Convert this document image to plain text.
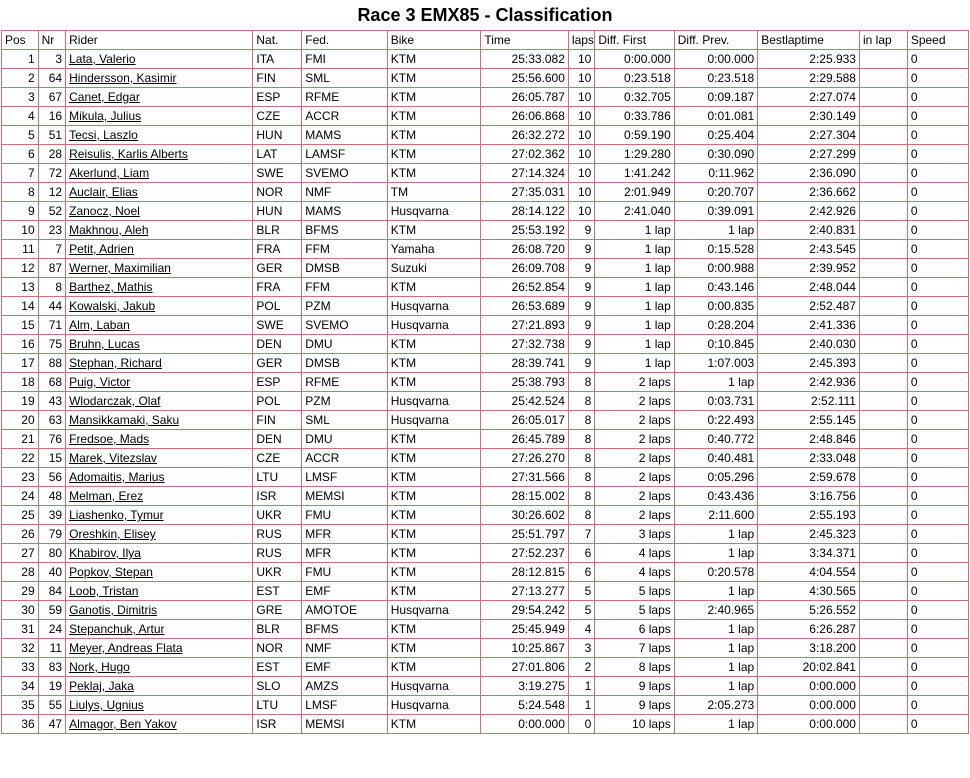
Race 3 EMX85 - Classification
Pos	Nr	Rider	Nat.	Fed.	Bike	Time	laps	Diff. First	Diff. Prev.	Bestlaptime	in lap	Speed
1	3	Lata, Valerio	ITA	FMI	KTM	25:33.082	10	0:00.000	0:00.000	2:25.933		0
2	64	Hindersson, Kasimir	FIN	SML	KTM	25:56.600	10	0:23.518	0:23.518	2:29.588		0
3	67	Canet, Edgar	ESP	RFME	KTM	26:05.787	10	0:32.705	0:09.187	2:27.074		0
4	16	Mikula, Julius	CZE	ACCR	KTM	26:06.868	10	0:33.786	0:01.081	2:30.149		0
5	51	Tecsi, Laszlo	HUN	MAMS	KTM	26:32.272	10	0:59.190	0:25.404	2:27.304		0
6	28	Reisulis, Karlis Alberts	LAT	LAMSF	KTM	27:02.362	10	1:29.280	0:30.090	2:27.299		0
7	72	Akerlund, Liam	SWE	SVEMO	KTM	27:14.324	10	1:41.242	0:11.962	2:36.090		0
8	12	Auclair, Elias	NOR	NMF	TM	27:35.031	10	2:01.949	0:20.707	2:36.662		0
9	52	Zanocz, Noel	HUN	MAMS	Husqvarna	28:14.122	10	2:41.040	0:39.091	2:42.926		0
10	23	Makhnou, Aleh	BLR	BFMS	KTM	25:53.192	9	1 lap	1 lap	2:40.831		0
11	7	Petit, Adrien	FRA	FFM	Yamaha	26:08.720	9	1 lap	0:15.528	2:43.545		0
12	87	Werner, Maximilian	GER	DMSB	Suzuki	26:09.708	9	1 lap	0:00.988	2:39.952		0
13	8	Barthez, Mathis	FRA	FFM	KTM	26:52.854	9	1 lap	0:43.146	2:48.044		0
14	44	Kowalski, Jakub	POL	PZM	Husqvarna	26:53.689	9	1 lap	0:00.835	2:52.487		0
15	71	Alm, Laban	SWE	SVEMO	Husqvarna	27:21.893	9	1 lap	0:28.204	2:41.336		0
16	75	Bruhn, Lucas	DEN	DMU	KTM	27:32.738	9	1 lap	0:10.845	2:40.030		0
17	88	Stephan, Richard	GER	DMSB	KTM	28:39.741	9	1 lap	1:07.003	2:45.393		0
18	68	Puig, Victor	ESP	RFME	KTM	25:38.793	8	2 laps	1 lap	2:42.936		0
19	43	Wlodarczak, Olaf	POL	PZM	Husqvarna	25:42.524	8	2 laps	0:03.731	2:52.111		0
20	63	Mansikkamaki, Saku	FIN	SML	Husqvarna	26:05.017	8	2 laps	0:22.493	2:55.145		0
21	76	Fredsoe, Mads	DEN	DMU	KTM	26:45.789	8	2 laps	0:40.772	2:48.846		0
22	15	Marek, Vitezslav	CZE	ACCR	KTM	27:26.270	8	2 laps	0:40.481	2:33.048		0
23	56	Adomaitis, Marius	LTU	LMSF	KTM	27:31.566	8	2 laps	0:05.296	2:59.678		0
24	48	Melman, Erez	ISR	MEMSI	KTM	28:15.002	8	2 laps	0:43.436	3:16.756		0
25	39	Liashenko, Tymur	UKR	FMU	KTM	30:26.602	8	2 laps	2:11.600	2:55.193		0
26	79	Oreshkin, Elisey	RUS	MFR	KTM	25:51.797	7	3 laps	1 lap	2:45.323		0
27	80	Khabirov, Ilya	RUS	MFR	KTM	27:52.237	6	4 laps	1 lap	3:34.371		0
28	40	Popkov, Stepan	UKR	FMU	KTM	28:12.815	6	4 laps	0:20.578	4:04.554		0
29	84	Loob, Tristan	EST	EMF	KTM	27:13.277	5	5 laps	1 lap	4:30.565		0
30	59	Ganotis, Dimitris	GRE	AMOTOE	Husqvarna	29:54.242	5	5 laps	2:40.965	5:26.552		0
31	24	Stepanchuk, Artur	BLR	BFMS	KTM	25:45.949	4	6 laps	1 lap	6:26.287		0
32	11	Meyer, Andreas Flata	NOR	NMF	KTM	10:25.867	3	7 laps	1 lap	3:18.200		0
33	83	Nork, Hugo	EST	EMF	KTM	27:01.806	2	8 laps	1 lap	20:02.841		0
34	19	Peklaj, Jaka	SLO	AMZS	Husqvarna	3:19.275	1	9 laps	1 lap	0:00.000		0
35	55	Liulys, Ugnius	LTU	LMSF	Husqvarna	5:24.548	1	9 laps	2:05.273	0:00.000		0
36	47	Almagor, Ben Yakov	ISR	MEMSI	KTM	0:00.000	0	10 laps	1 lap	0:00.000		0
